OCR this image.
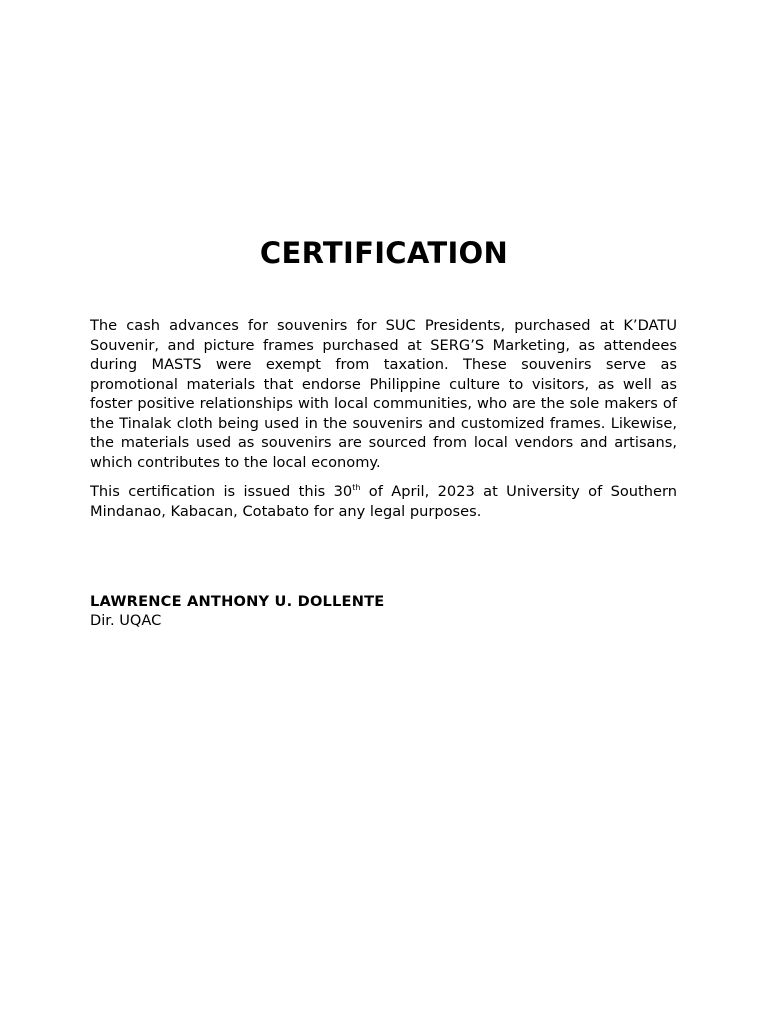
CERTIFICATION

The cash advances for souvenirs for SUC Presidents, purchased at K’DATU Souvenir, and picture frames purchased at SERG’S Marketing, as attendees during MASTS were exempt from taxation. These souvenirs serve as promotional materials that endorse Philippine culture to visitors, as well as foster positive relationships with local communities, who are the sole makers of the Tinalak cloth being used in the souvenirs and customized frames. Likewise, the materials used as souvenirs are sourced from local vendors and artisans, which contributes to the local economy.

This certification is issued this 30th of April, 2023 at University of Southern Mindanao, Kabacan, Cotabato for any legal purposes.

LAWRENCE ANTHONY U. DOLLENTE
Dir. UQAC
